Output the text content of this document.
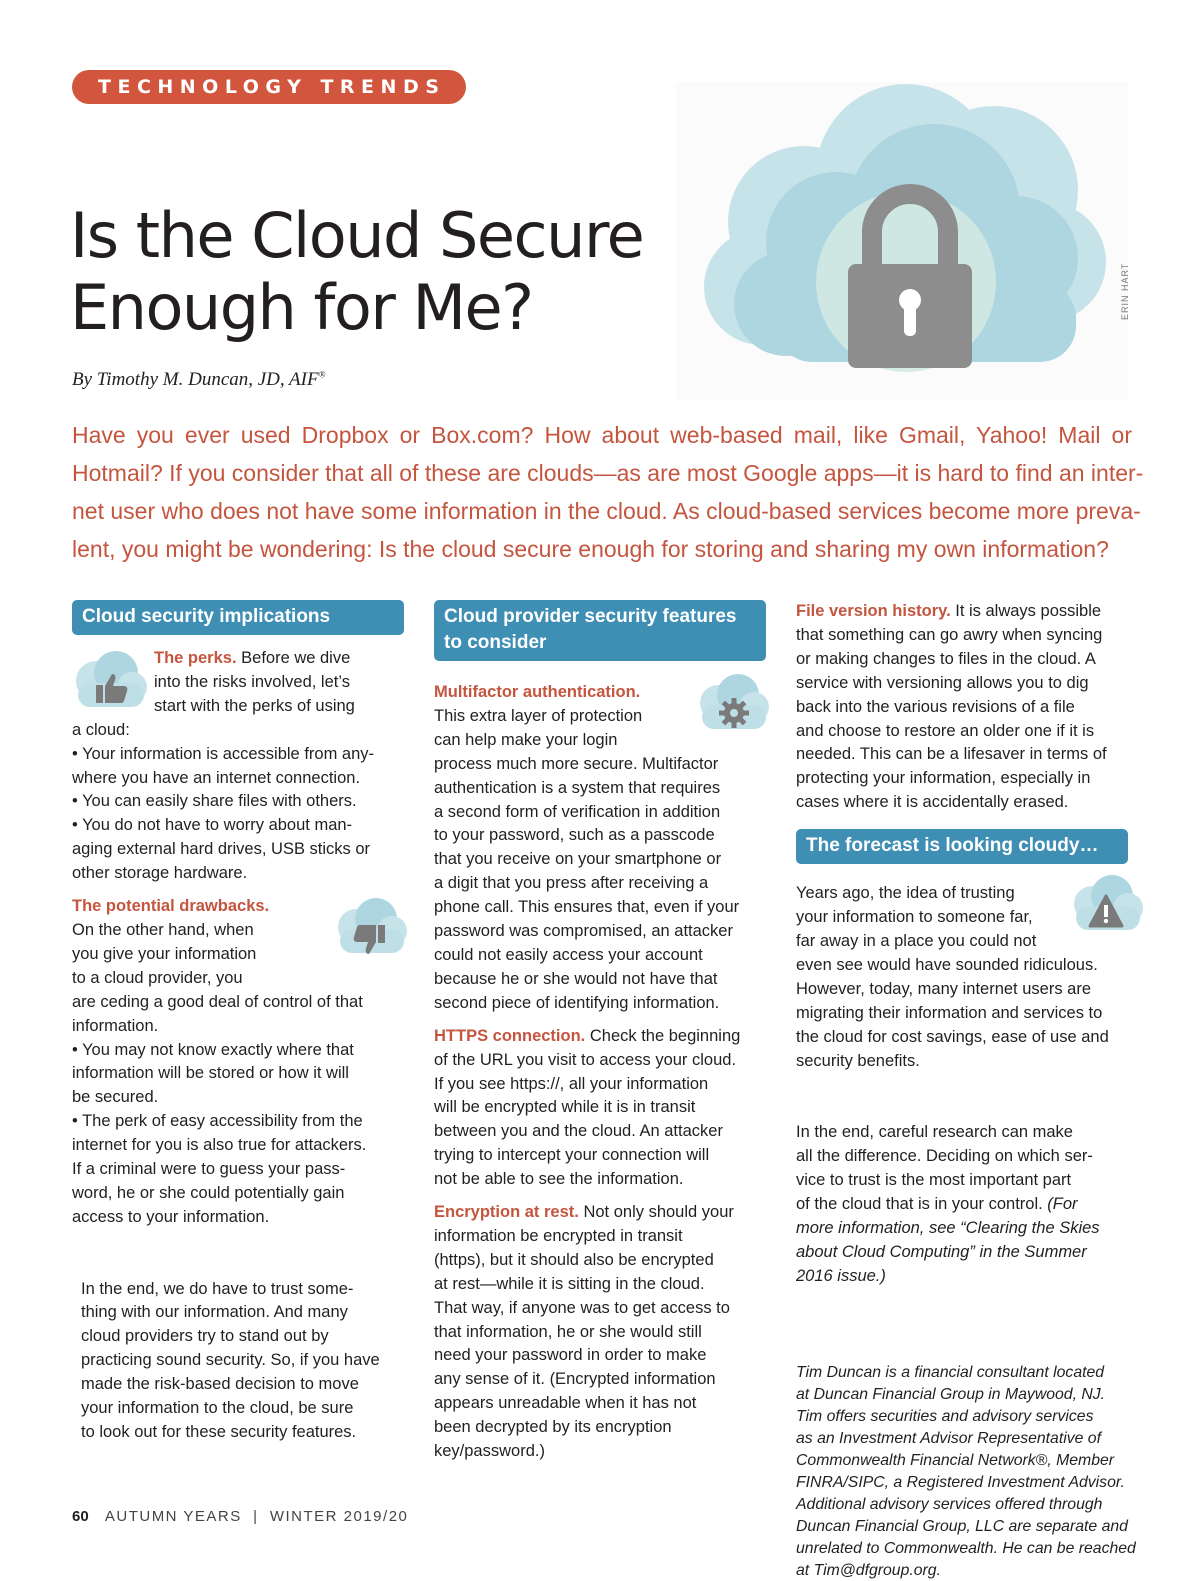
TECHNOLOGY TRENDS
Is the Cloud Secure
Enough for Me?	ERIN HART
By Timothy M. Duncan, JD, AIF®
Have you ever used Dropbox or Box.com? How about web-based mail, like Gmail, Yahoo! Mail or
Hotmail? If you consider that all of these are clouds—as are most Google apps—it is hard to find an inter-
net user who does not have some information in the cloud. As cloud-based services become more preva-
lent, you might be wondering: Is the cloud secure enough for storing and sharing my own information?
Cloud security implications

The perks. Before we dive
into the risks involved, let’s
start with the perks of using
a cloud:

• Your information is accessible from any-
where you have an internet connection.
• You can easily share files with others.
• You do not have to worry about man-
aging external hard drives, USB sticks or
other storage hardware.

The potential drawbacks.
On the other hand, when
you give your information
to a cloud provider, you
are ceding a good deal of control of that
information.

• You may not know exactly where that
information will be stored or how it will
be secured.
• The perk of easy accessibility from the
internet for you is also true for attackers.
If a criminal were to guess your pass-
word, he or she could potentially gain
access to your information.

In the end, we do have to trust some-
thing with our information. And many
cloud providers try to stand out by
practicing sound security. So, if you have
made the risk-based decision to move
your information to the cloud, be sure
to look out for these security features.

Cloud provider security features
to consider

Multifactor authentication.
This extra layer of protection
can help make your login

process much more secure. Multifactor
authentication is a system that requires
a second form of verification in addition
to your password, such as a passcode
that you receive on your smartphone or
a digit that you press after receiving a
phone call. This ensures that, even if your
password was compromised, an attacker
could not easily access your account
because he or she would not have that
second piece of identifying information.

HTTPS connection. Check the beginning
of the URL you visit to access your cloud.
If you see https://, all your information
will be encrypted while it is in transit
between you and the cloud. An attacker
trying to intercept your connection will
not be able to see the information.

Encryption at rest. Not only should your
information be encrypted in transit
(https), but it should also be encrypted
at rest—while it is sitting in the cloud.
That way, if anyone was to get access to
that information, he or she would still
need your password in order to make
any sense of it. (Encrypted information
appears unreadable when it has not
been decrypted by its encryption
key/password.)

File version history. It is always possible
that something can go awry when syncing
or making changes to files in the cloud. A
service with versioning allows you to dig
back into the various revisions of a file
and choose to restore an older one if it is
needed. This can be a lifesaver in terms of
protecting your information, especially in
cases where it is accidentally erased.

The forecast is looking cloudy…

Years ago, the idea of trusting
your information to someone far,
far away in a place you could not

even see would have sounded ridiculous.
However, today, many internet users are
migrating their information and services to
the cloud for cost savings, ease of use and
security benefits.

In the end, careful research can make
all the difference. Deciding on which ser-
vice to trust is the most important part
of the cloud that is in your control. (For
more information, see “Clearing the Skies
about Cloud Computing” in the Summer
2016 issue.)

Tim Duncan is a financial consultant located
at Duncan Financial Group in Maywood, NJ.
Tim offers securities and advisory services
as an Investment Advisor Representative of
Commonwealth Financial Network®, Member
FINRA/SIPC, a Registered Investment Advisor.
Additional advisory services offered through
Duncan Financial Group, LLC are separate and
unrelated to Commonwealth. He can be reached
at Tim@dfgroup.org.

60 AUTUMN YEARS  |  WINTER 2019/20
